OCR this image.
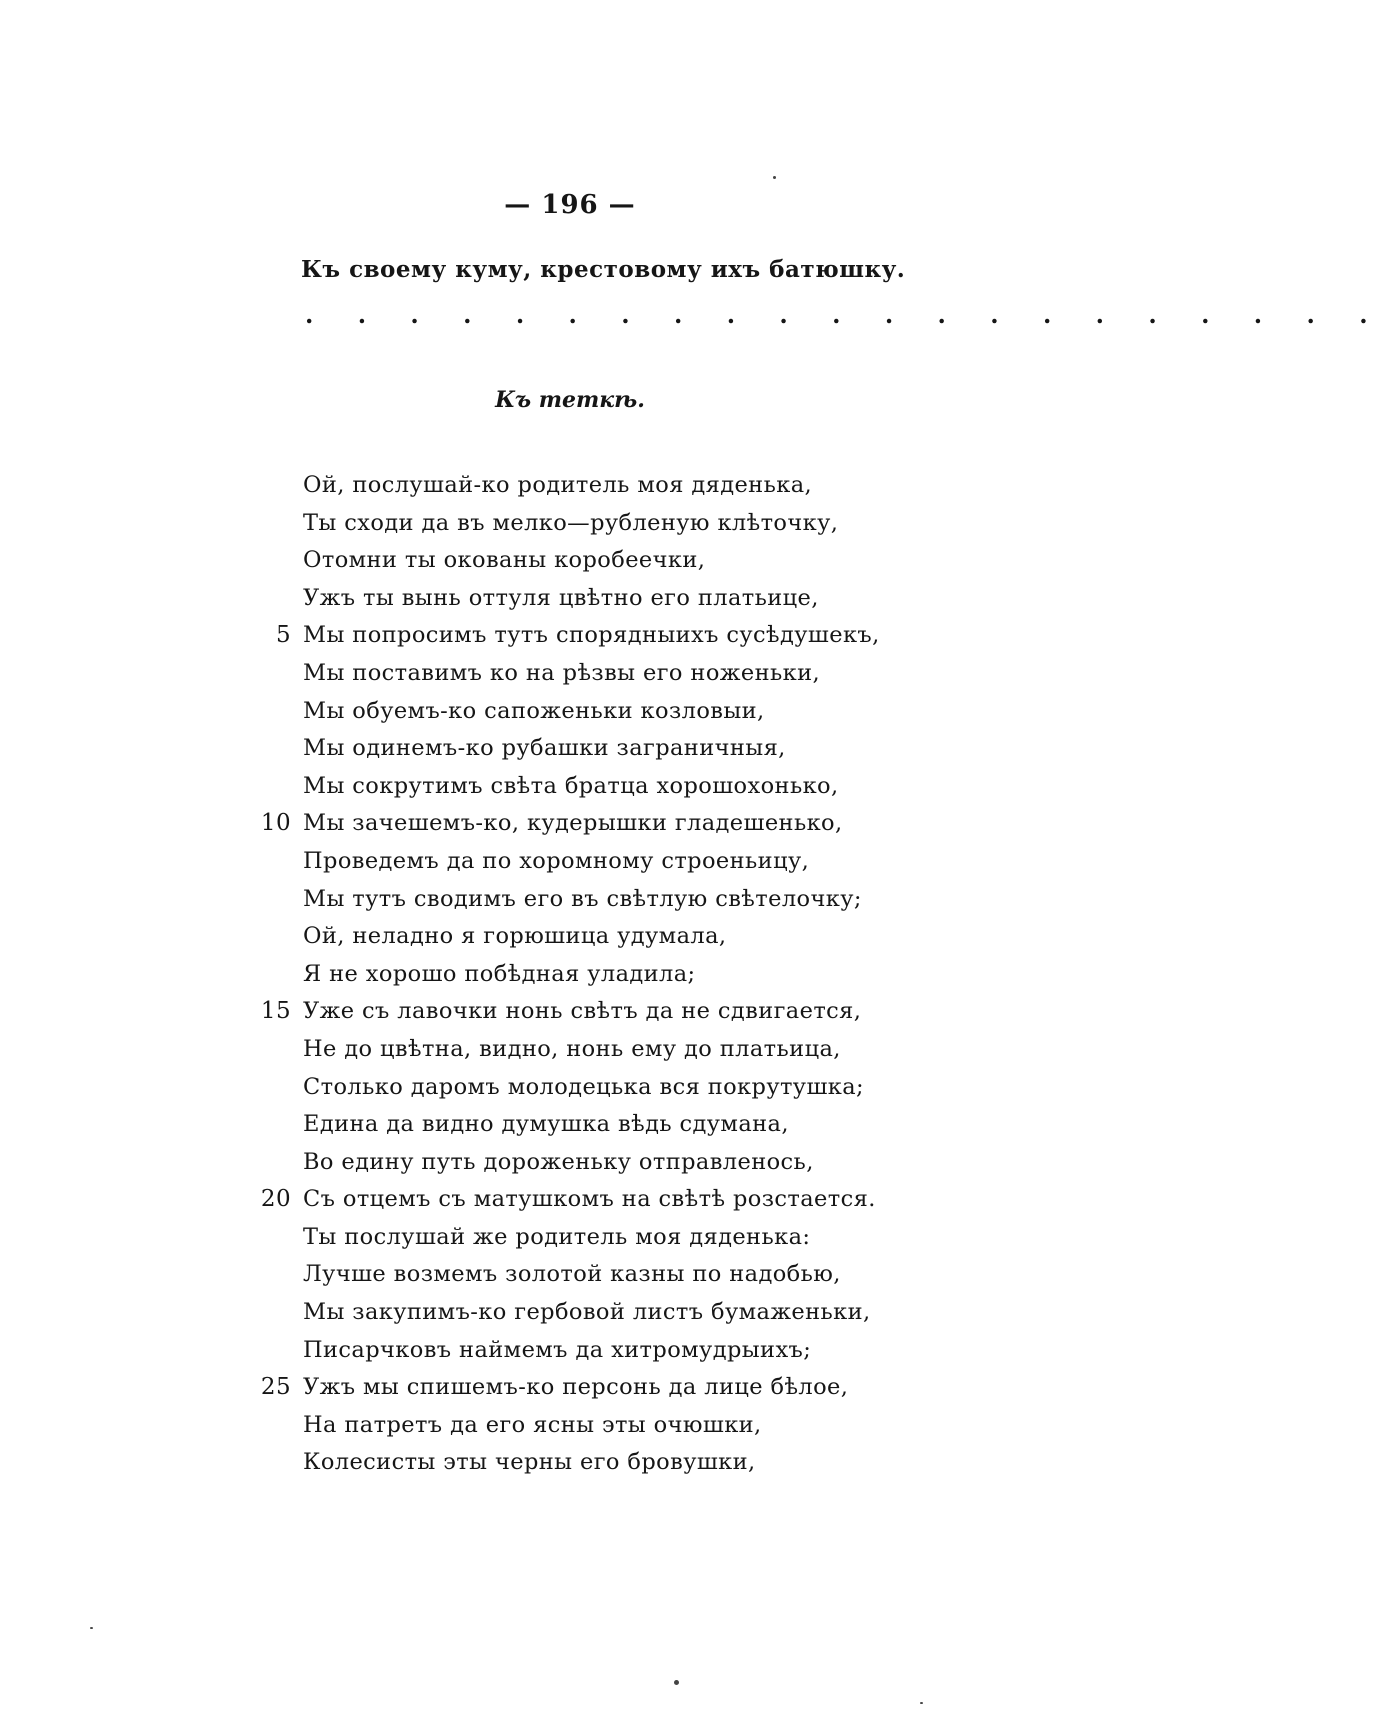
— 196 —
Къ своему куму, крестовому ихъ батюшку.
. . . . . . . . . . . . . . . . . . . . .
Къ теткѣ.
Ой, послушай-ко родитель моя дяденька,
Ты сходи да въ мелко—рубленую клѣточку,
Отомни ты окованы коробеечки,
Ужъ ты вынь оттуля цвѣтно его платьице,
5 Мы попросимъ тутъ спорядныихъ сусѣдушекъ,
Мы поставимъ ко на рѣзвы его ноженьки,
Мы обуемъ-ко сапоженьки козловыи,
Мы одинемъ-ко рубашки заграничныя,
Мы сокрутимъ свѣта братца хорошохонько,
10 Мы зачешемъ-ко, кудерышки гладешенько,
Проведемъ да по хоромному строеньицу,
Мы тутъ сводимъ его въ свѣтлую свѣтелочку;
Ой, неладно я горюшица удумала,
Я не хорошо побѣдная уладила;
15 Уже съ лавочки нонь свѣтъ да не сдвигается,
Не до цвѣтна, видно, нонь ему до платьица,
Столько даромъ молодецька вся покрутушка;
Едина да видно думушка вѣдь сдумана,
Во едину путь дороженьку отправленось,
20 Съ отцемъ съ матушкомъ на свѣтѣ розстается.
Ты послушай же родитель моя дяденька:
Лучше возмемъ золотой казны по надобью,
Мы закупимъ-ко гербовой листъ бумаженьки,
Писарчковъ наймемъ да хитромудрыихъ;
25 Ужъ мы спишемъ-ко персонь да лице бѣлое,
На патретъ да его ясны эты очюшки,
Колесисты эты черны его бровушки,
